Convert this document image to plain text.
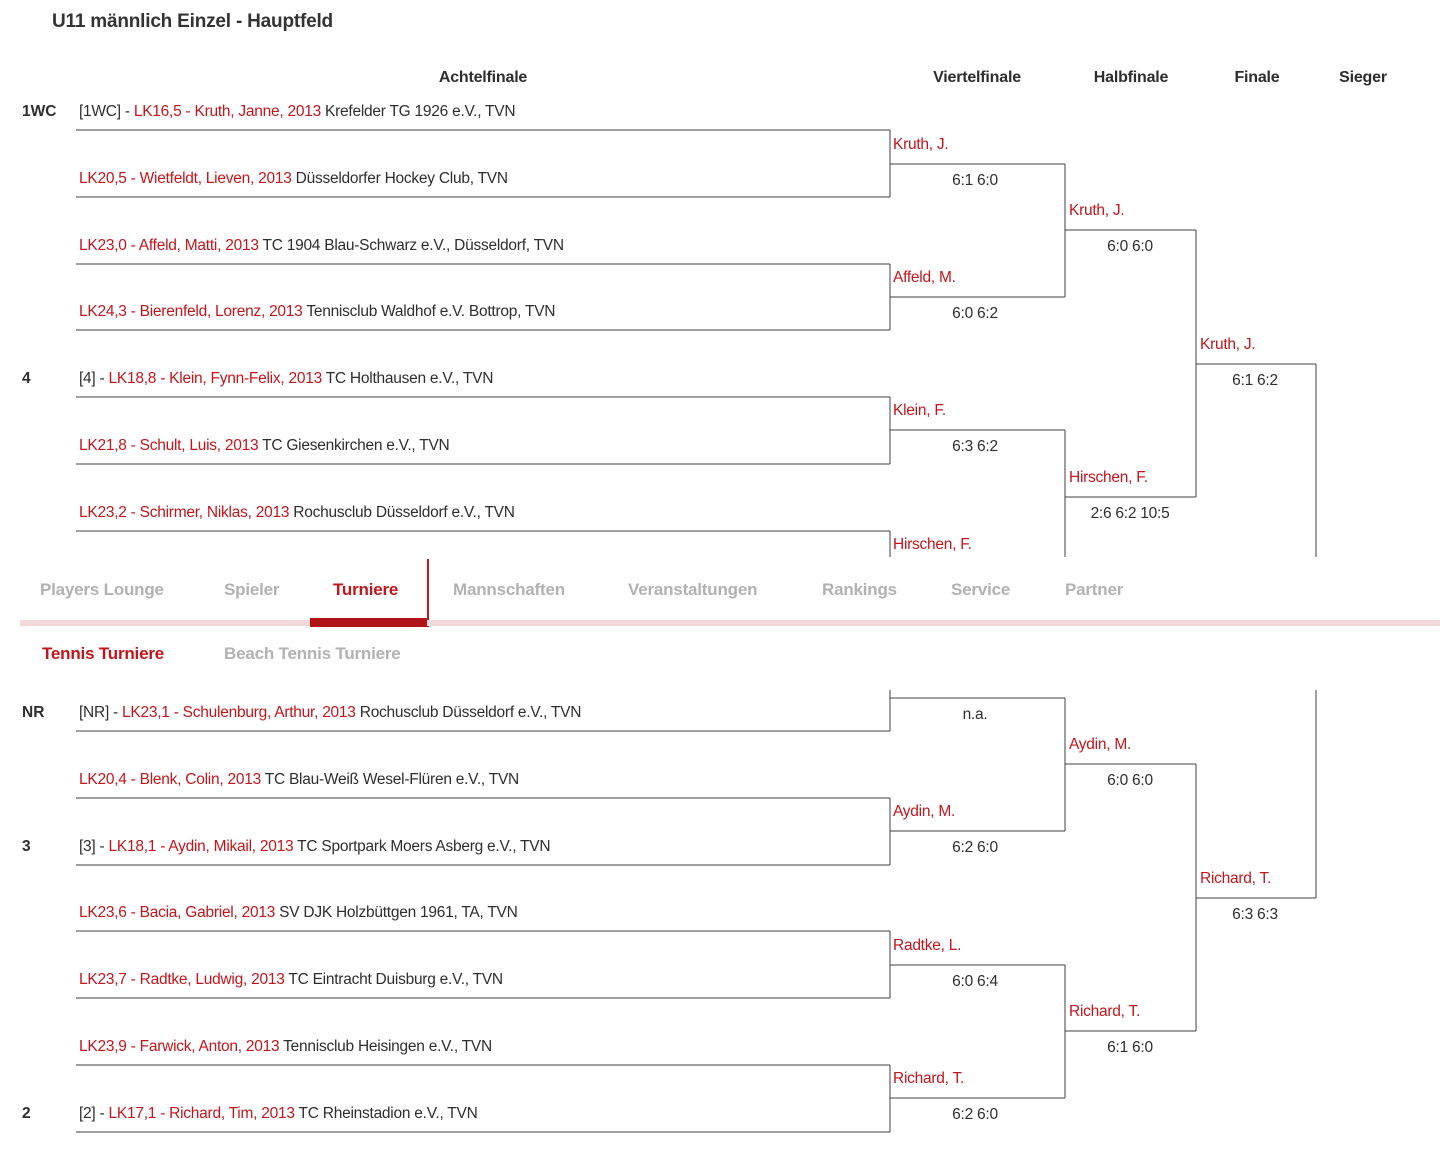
U11 männlich Einzel - Hauptfeld
Achtelfinale	Viertelfinale	Halbfinale	Finale	Sieger
1WC [1WC] - LK16,5 - Kruth, Janne, 2013 Krefelder TG 1926 e.V., TVN
LK20,5 - Wietfeldt, Lieven, 2013 Düsseldorfer Hockey Club, TVN
LK23,0 - Affeld, Matti, 2013 TC 1904 Blau-Schwarz e.V., Düsseldorf, TVN
LK24,3 - Bierenfeld, Lorenz, 2013 Tennisclub Waldhof e.V. Bottrop, TVN
4	[4] - LK18,8 - Klein, Fynn-Felix, 2013 TC Holthausen e.V., TVN
LK21,8 - Schult, Luis, 2013 TC Giesenkirchen e.V., TVN
LK23,2 - Schirmer, Niklas, 2013 Rochusclub Düsseldorf e.V., TVN
NR [NR] - LK23,1 - Schulenburg, Arthur, 2013 Rochusclub Düsseldorf e.V., TVN
LK20,4 - Blenk, Colin, 2013 TC Blau-Weiß Wesel-Flüren e.V., TVN
3	[3] - LK18,1 - Aydin, Mikail, 2013 TC Sportpark Moers Asberg e.V., TVN
LK23,6 - Bacia, Gabriel, 2013 SV DJK Holzbüttgen 1961, TA, TVN
LK23,7 - Radtke, Ludwig, 2013 TC Eintracht Duisburg e.V., TVN
LK23,9 - Farwick, Anton, 2013 Tennisclub Heisingen e.V., TVN
2	[2] - LK17,1 - Richard, Tim, 2013 TC Rheinstadion e.V., TVN
Kruth, J.
6:1 6:0
Affeld, M.
6:0 6:2
Klein, F.
6:3 6:2
Hirschen, F.
n.a.
Aydin, M.
6:2 6:0
Radtke, L.
6:0 6:4
Richard, T.
6:2 6:0
Kruth, J.
6:0 6:0
Hirschen, F.
2:6 6:2 10:5
Aydin, M.
6:0 6:0
Richard, T.
6:1 6:0
Kruth, J.
6:1 6:2
Richard, T.
6:3 6:3
Players Lounge	Spieler	Turniere	Mannschaften	Veranstaltungen	Rankings	Service	Partner
Tennis Turniere	Beach Tennis Turniere
